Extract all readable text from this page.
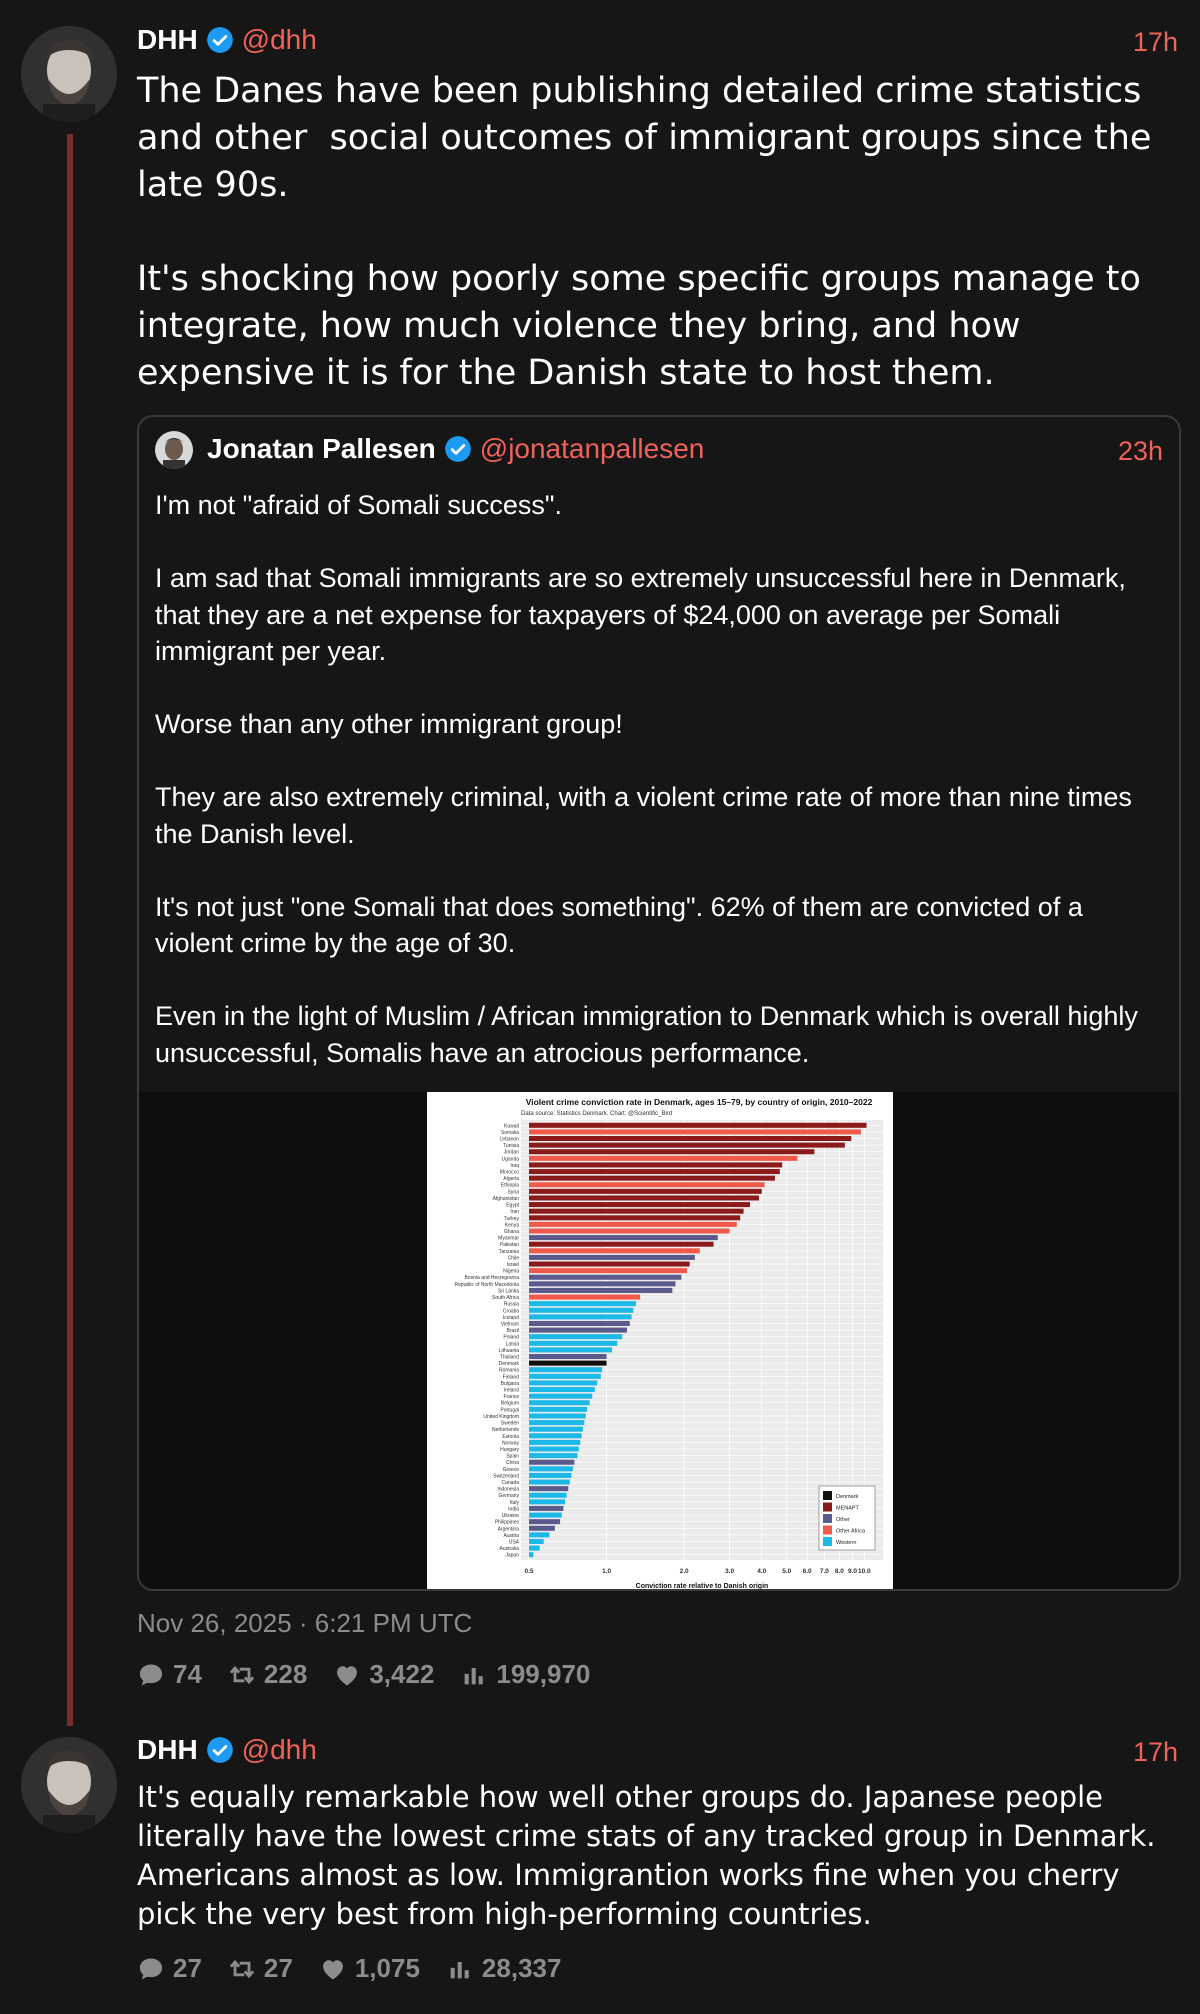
DHH @dhh	17h

The Danes have been publishing detailed crime statistics and other  social outcomes of immigrant groups since the late 90s.

It's shocking how poorly some specific groups manage to integrate, how much violence they bring, and how expensive it is for the Danish state to host them.

Jonatan Pallesen @jonatanpallesen	23h

I'm not "afraid of Somali success".

I am sad that Somali immigrants are so extremely unsuccessful here in Denmark, that they are a net expense for taxpayers of $24,000 on average per Somali immigrant per year.

Worse than any other immigrant group!

They are also extremely criminal, with a violent crime rate of more than nine times the Danish level.

It's not just "one Somali that does something". 62% of them are convicted of a violent crime by the age of 30.

Even in the light of Muslim / African immigration to Denmark which is overall highly unsuccessful, Somalis have an atrocious performance.

Violent crime conviction rate in Denmark, ages 15–79, by country of origin, 2010–2022
Data source: Statistics Denmark. Chart: @Scientific_Bird
Kuwait
Somalia
Lebanon
Tunisia
Jordan
Uganda
Iraq
Morocco
Algeria
Ethiopia
Syria
Afghanistan
Egypt
Iran
Turkey
Kenya
Ghana
Myanmar
Pakistan
Tanzania
Chile
Israel
Nigeria
Bosnia and Herzegovina
Republic of North Macedonia
Sri Lanka
South Africa
Russia
Croatia
Iceland
Vietnam
Brazil
Poland
Latvia
Lithuania
Thailand
Denmark
Romania
Finland
Bulgaria
Ireland
France
Belgium
Portugal
United Kingdom
Sweden
Netherlands
Estonia
Norway
Hungary
Spain
China
Greece
Switzerland
Canada
Indonesia
Germany
Italy
India
Ukraine
Philippines
Argentina
Austria
USA
Australia
Japan
0.5	1.0	2.0	3.0	4.0 5.0 6.0 7.0 8.0 9.0 10.0
Conviction rate relative to Danish origin
Denmark
MENAPT
Other
Other Africa
Western
Nov 26, 2025 · 6:21 PM UTC
74 228 3,422 199,970
DHH @dhh	17h

It's equally remarkable how well other groups do. Japanese people literally have the lowest crime stats of any tracked group in Denmark. Americans almost as low. Immigrantion works fine when you cherry pick the very best from high-performing countries.

27 27 1,075 28,337
